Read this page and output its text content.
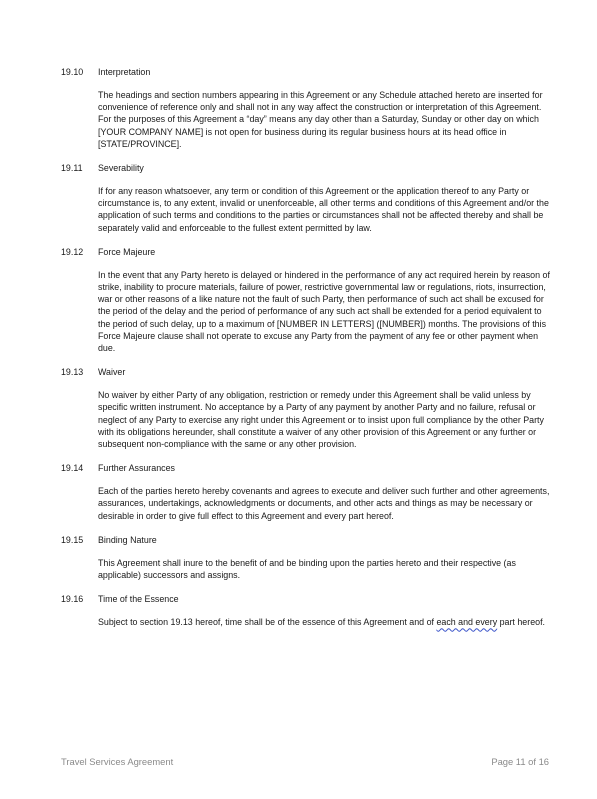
19.10	Interpretation

The headings and section numbers appearing in this Agreement or any Schedule attached hereto are inserted for convenience of reference only and shall not in any way affect the construction or interpretation of this Agreement. For the purposes of this Agreement a “day” means any day other than a Saturday, Sunday or other day on which [YOUR COMPANY NAME] is not open for business during its regular business hours at its head office in [STATE/PROVINCE].

19.11	Severability

If for any reason whatsoever, any term or condition of this Agreement or the application thereof to any Party or circumstance is, to any extent, invalid or unenforceable, all other terms and conditions of this Agreement and/or the application of such terms and conditions to the parties or circumstances shall not be affected thereby and shall be separately valid and enforceable to the fullest extent permitted by law.

19.12	Force Majeure

In the event that any Party hereto is delayed or hindered in the performance of any act required herein by reason of strike, inability to procure materials, failure of power, restrictive governmental law or regulations, riots, insurrection, war or other reasons of a like nature not the fault of such Party, then performance of such act shall be excused for the period of the delay and the period of performance of any such act shall be extended for a period equivalent to the period of such delay, up to a maximum of [NUMBER IN LETTERS] ([NUMBER]) months. The provisions of this Force Majeure clause shall not operate to excuse any Party from the payment of any fee or other payment when due.

19.13	Waiver

No waiver by either Party of any obligation, restriction or remedy under this Agreement shall be valid unless by specific written instrument. No acceptance by a Party of any payment by another Party and no failure, refusal or neglect of any Party to exercise any right under this Agreement or to insist upon full compliance by the other Party with its obligations hereunder, shall constitute a waiver of any other provision of this Agreement or any further or subsequent non-compliance with the same or any other provision.

19.14	Further Assurances

Each of the parties hereto hereby covenants and agrees to execute and deliver such further and other agreements, assurances, undertakings, acknowledgments or documents, and other acts and things as may be necessary or desirable in order to give full effect to this Agreement and every part hereof.

19.15	Binding Nature

This Agreement shall inure to the benefit of and be binding upon the parties hereto and their respective (as applicable) successors and assigns.

19.16	Time of the Essence

Subject to section 19.13 hereof, time shall be of the essence of this Agreement and of each and every part hereof.

Travel Services Agreement	Page 11 of 16
